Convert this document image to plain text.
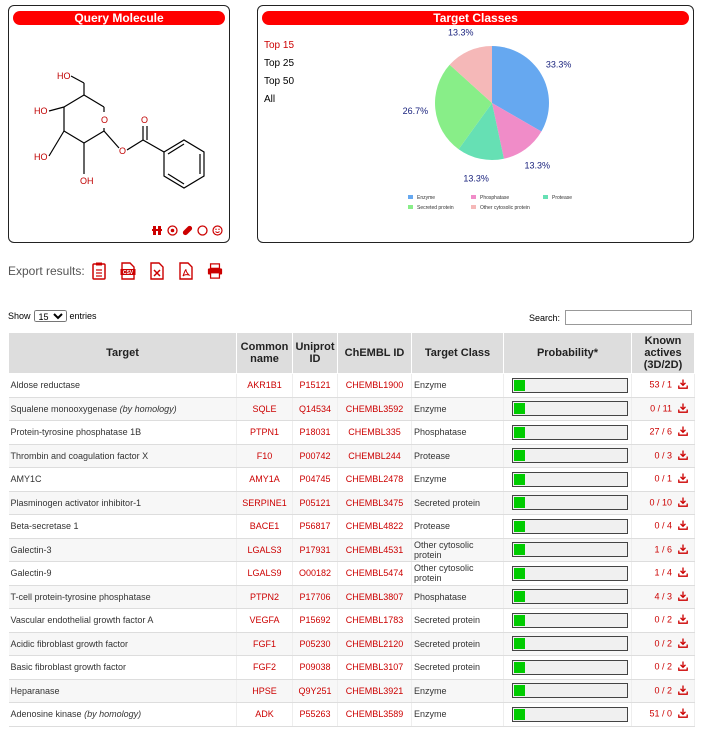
Query Molecule
HO
HO
HO
OH
O
O
O
Target Classes
Top 15
Top 25
Top 50
All
33.3%
13.3%
13.3%
26.7%
13.3%
Enzyme	Phosphatase	Protease
Secreted protein	Other cytosolic protein
Export results:	CSV
Show
15	entries	Search:
Target	Common name	Uniprot ID	ChEMBL ID	Target Class	Probability*	Known actives (3D/2D)
Aldose reductase	AKR1B1	P15121	CHEMBL1900	Enzyme		53 / 1
Squalene monooxygenase (by homology)	SQLE	Q14534	CHEMBL3592	Enzyme		0 / 11
Protein-tyrosine phosphatase 1B	PTPN1	P18031	CHEMBL335	Phosphatase		27 / 6
Thrombin and coagulation factor X	F10	P00742	CHEMBL244	Protease		0 / 3
AMY1C	AMY1A	P04745	CHEMBL2478	Enzyme		0 / 1
Plasminogen activator inhibitor-1	SERPINE1	P05121	CHEMBL3475	Secreted protein		0 / 10
Beta-secretase 1	BACE1	P56817	CHEMBL4822	Protease		0 / 4
Galectin-3	LGALS3	P17931	CHEMBL4531	Other cytosolic protein		1 / 6
Galectin-9	LGALS9	O00182	CHEMBL5474	Other cytosolic protein		1 / 4
T-cell protein-tyrosine phosphatase	PTPN2	P17706	CHEMBL3807	Phosphatase		4 / 3
Vascular endothelial growth factor A	VEGFA	P15692	CHEMBL1783	Secreted protein		0 / 2
Acidic fibroblast growth factor	FGF1	P05230	CHEMBL2120	Secreted protein		0 / 2
Basic fibroblast growth factor	FGF2	P09038	CHEMBL3107	Secreted protein		0 / 2
Heparanase	HPSE	Q9Y251	CHEMBL3921	Enzyme		0 / 2
Adenosine kinase (by homology)	ADK	P55263	CHEMBL3589	Enzyme		51 / 0
